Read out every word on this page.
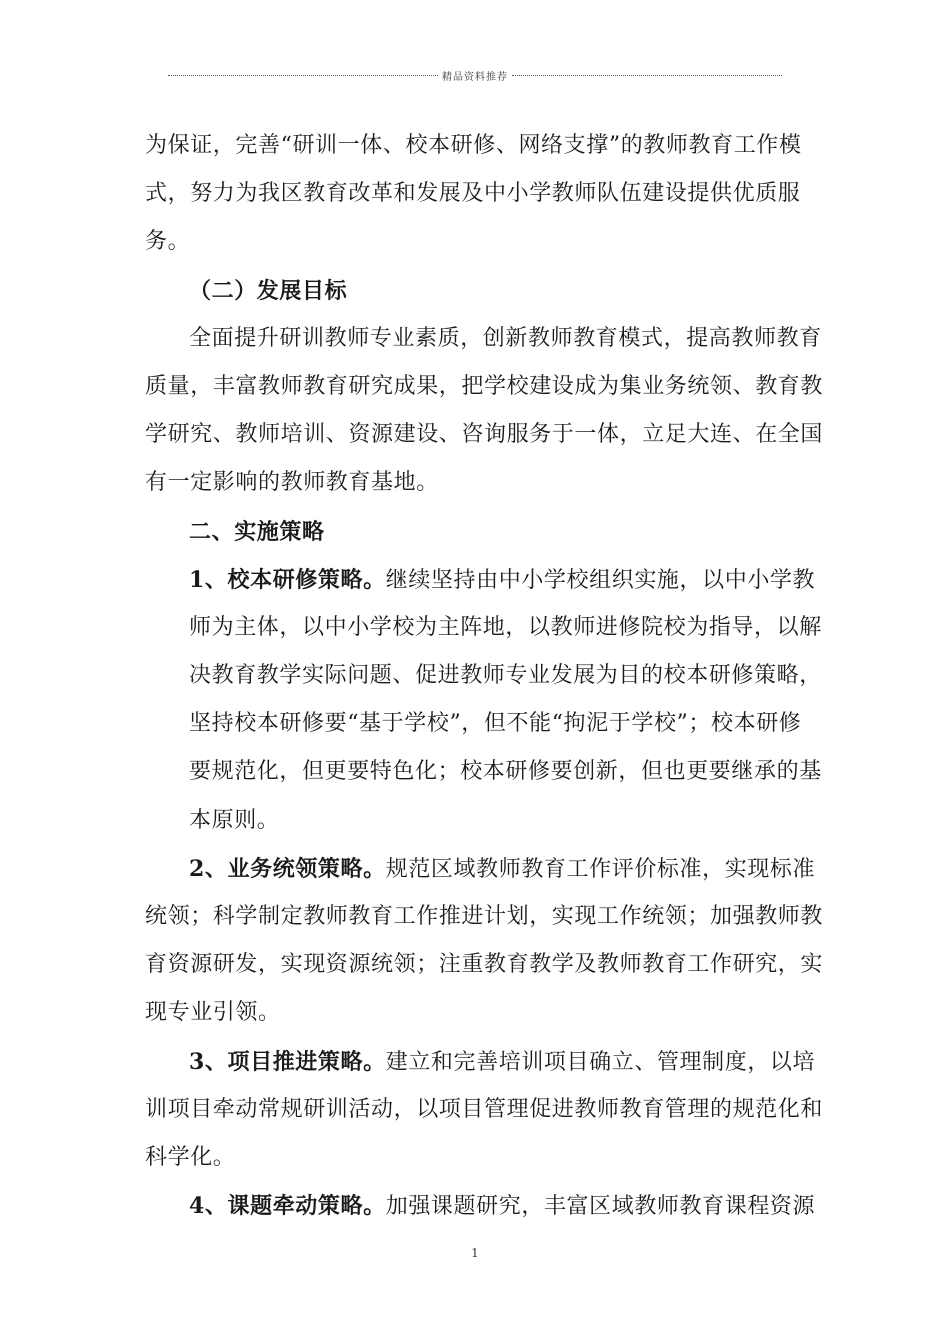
精品资料推荐
为保证，完善“研训一体、校本研修、网络支撑”的教师教育工作模
式，努力为我区教育改革和发展及中小学教师队伍建设提供优质服
务。
（二）发展目标
全面提升研训教师专业素质，创新教师教育模式，提高教师教育
质量，丰富教师教育研究成果，把学校建设成为集业务统领、教育教
学研究、教师培训、资源建设、咨询服务于一体，立足大连、在全国
有一定影响的教师教育基地。
二、实施策略
1、校本研修策略。继续坚持由中小学校组织实施，以中小学教
师为主体，以中小学校为主阵地，以教师进修院校为指导，以解
决教育教学实际问题、促进教师专业发展为目的校本研修策略，
坚持校本研修要“基于学校”，但不能“拘泥于学校”；校本研修
要规范化，但更要特色化；校本研修要创新，但也更要继承的基
本原则。
2、业务统领策略。规范区域教师教育工作评价标准，实现标准
统领；科学制定教师教育工作推进计划，实现工作统领；加强教师教
育资源研发，实现资源统领；注重教育教学及教师教育工作研究，实
现专业引领。
3、项目推进策略。建立和完善培训项目确立、管理制度，以培
训项目牵动常规研训活动，以项目管理促进教师教育管理的规范化和
科学化。
4、课题牵动策略。加强课题研究，丰富区域教师教育课程资源
1
